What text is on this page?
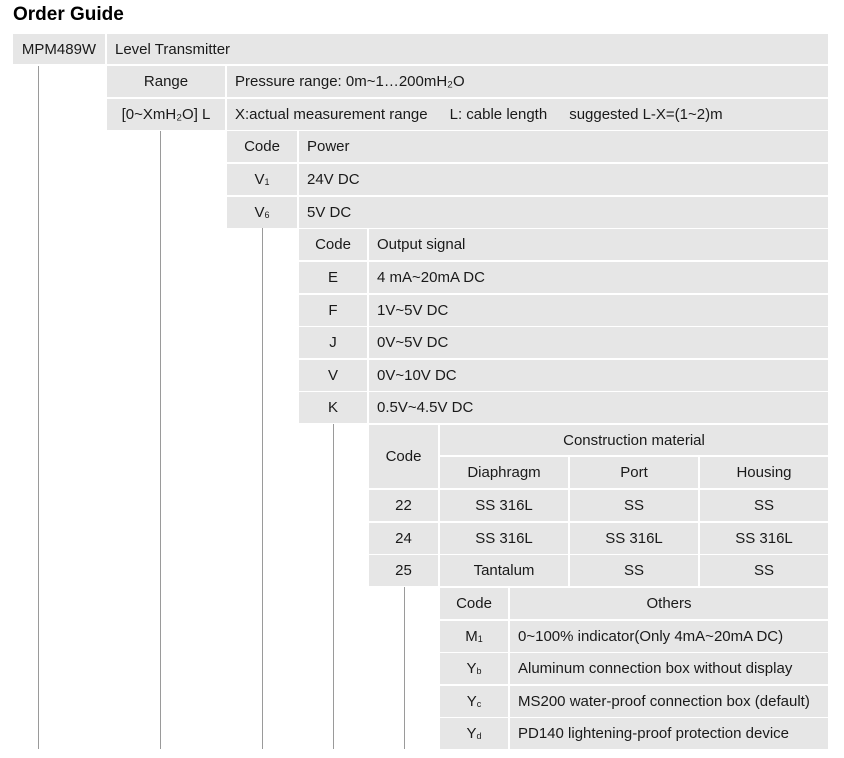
Order Guide
MPM489W Level Transmitter
Range	Pressure range: 0m~1…200mH₂O
[0~XmH₂O] L X:actual measurement range L: cable length suggested L-X=(1~2)m
Code Power
$V_1$ 24V DC
$V_6$ 5V DC
Code Output signal
E	4 mA~20mA DC
F	1V~5V DC
J	0V~5V DC
V	0V~10V DC
K	0.5V~4.5V DC
Code
Construction material
Diaphragm	Port	Housing
22	SS 316L	SS	SS
24	SS 316L	SS 316L	SS 316L
25	Tantalum	SS	SS
Code	Others
$M_1$ 0~100% indicator(Only 4mA~20mA DC)
$Y_b$ Aluminum connection box without display
$Y_c$ MS200 water-proof connection box (default)
$Y_d$ PD140 lightening-proof protection device
